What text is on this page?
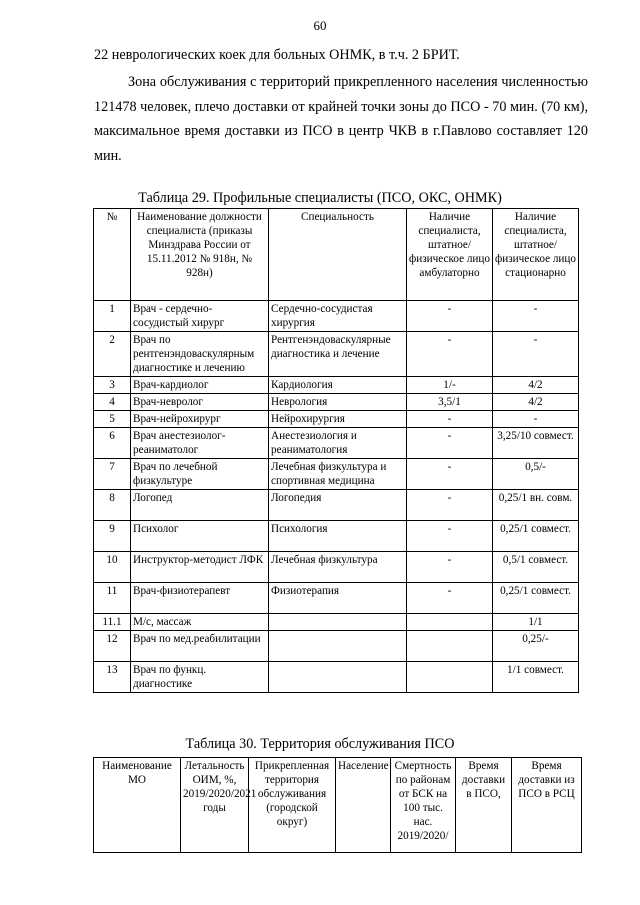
60
22 неврологических коек для больных ОНМК, в т.ч. 2 БРИТ.
Зона обслуживания с территорий прикрепленного населения численностью 121478 человек, плечо доставки от крайней точки зоны до ПСО - 70 мин. (70 км), максимальное время доставки из ПСО в центр ЧКВ в г.Павлово составляет 120 мин.
Таблица 29. Профильные специалисты (ПСО, ОКС, ОНМК)
№	Наименование должности специалиста (приказы Минздрава России от 15.11.2012 № 918н, № 928н)	Специальность	Наличие специалиста, штатное/физическое лицо амбулаторно	Наличие специалиста, штатное/физическое лицо стационарно
1	Врач - сердечно-сосудистый хирург	Сердечно-сосудистая хирургия	-	-
2	Врач по рентгенэндоваскулярным диагностике и лечению	Рентгенэндоваскулярные диагностика и лечение	-	-
3	Врач-кардиолог	Кардиология	1/-	4/2
4	Врач-невролог	Неврология	3,5/1	4/2
5	Врач-нейрохирург	Нейрохирургия	-	-
6	Врач анестезиолог-реаниматолог	Анестезиология и реаниматология	-	3,25/10 совмест.
7	Врач по лечебной физкультуре	Лечебная физкультура и спортивная медицина	-	0,5/-
8	Логопед	Логопедия	-	0,25/1 вн. совм.
9	Психолог	Психология	-	0,25/1 совмест.
10	Инструктор-методист ЛФК	Лечебная физкультура	-	0,5/1 совмест.
11	Врач-физиотерапевт	Физиотерапия	-	0,25/1 совмест.
11.1	М/с, массаж			1/1
12	Врач по мед.реабилитации			0,25/-
13	Врач по функц. диагностике			1/1 совмест.
Таблица 30. Территория обслуживания ПСО
Наименование МО	Летальность ОИМ, %, 2019/2020/2021 годы	Прикрепленная территория обслуживания (городской округ)	Население	Смертность по районам от БСК на 100 тыс. нас. 2019/2020/	Время доставки в ПСО,	Время доставки из ПСО в РСЦ
